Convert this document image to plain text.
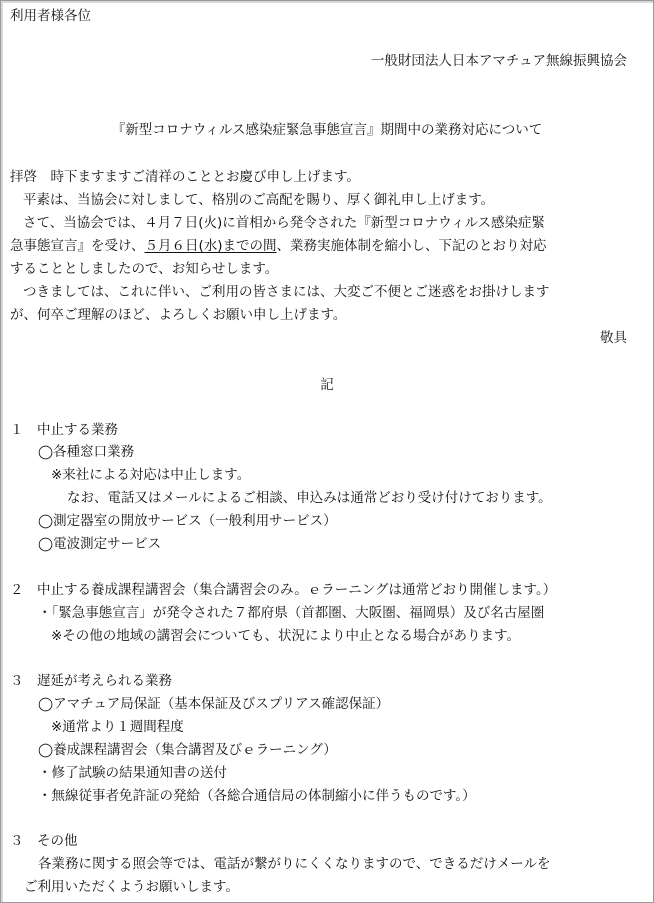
利用者様各位
一般財団法人日本アマチュア無線振興協会
『新型コロナウィルス感染症緊急事態宣言』期間中の業務対応について
拝啓　時下ますますご清祥のこととお慶び申し上げます。
平素は、当協会に対しまして、格別のご高配を賜り、厚く御礼申し上げます。
さて、当協会では、４月７日(火)に首相から発令された『新型コロナウィルス感染症緊
急事態宣言』を受け、５月６日(水)までの間、業務実施体制を縮小し、下記のとおり対応
することとしましたので、お知らせします。
つきましては、これに伴い、ご利用の皆さまには、大変ご不便とご迷惑をお掛けします
が、何卒ご理解のほど、よろしくお願い申し上げます。
敬具
記
１　中止する業務
◯各種窓口業務
※来社による対応は中止します。
なお、電話又はメールによるご相談、申込みは通常どおり受け付けております。
◯測定器室の開放サービス（一般利用サービス）
◯電波測定サービス
２　中止する養成課程講習会（集合講習会のみ。ｅラーニングは通常どおり開催します。）
・「緊急事態宣言」が発令された７都府県（首都圏、大阪圏、福岡県）及び名古屋圏
※その他の地域の講習会についても、状況により中止となる場合があります。
３　遅延が考えられる業務
◯アマチュア局保証（基本保証及びスプリアス確認保証）
※通常より１週間程度
◯養成課程講習会（集合講習及びｅラーニング）
・修了試験の結果通知書の送付
・無線従事者免許証の発給（各総合通信局の体制縮小に伴うものです。）
３　その他
各業務に関する照会等では、電話が繋がりにくくなりますので、できるだけメールを
ご利用いただくようお願いします。
